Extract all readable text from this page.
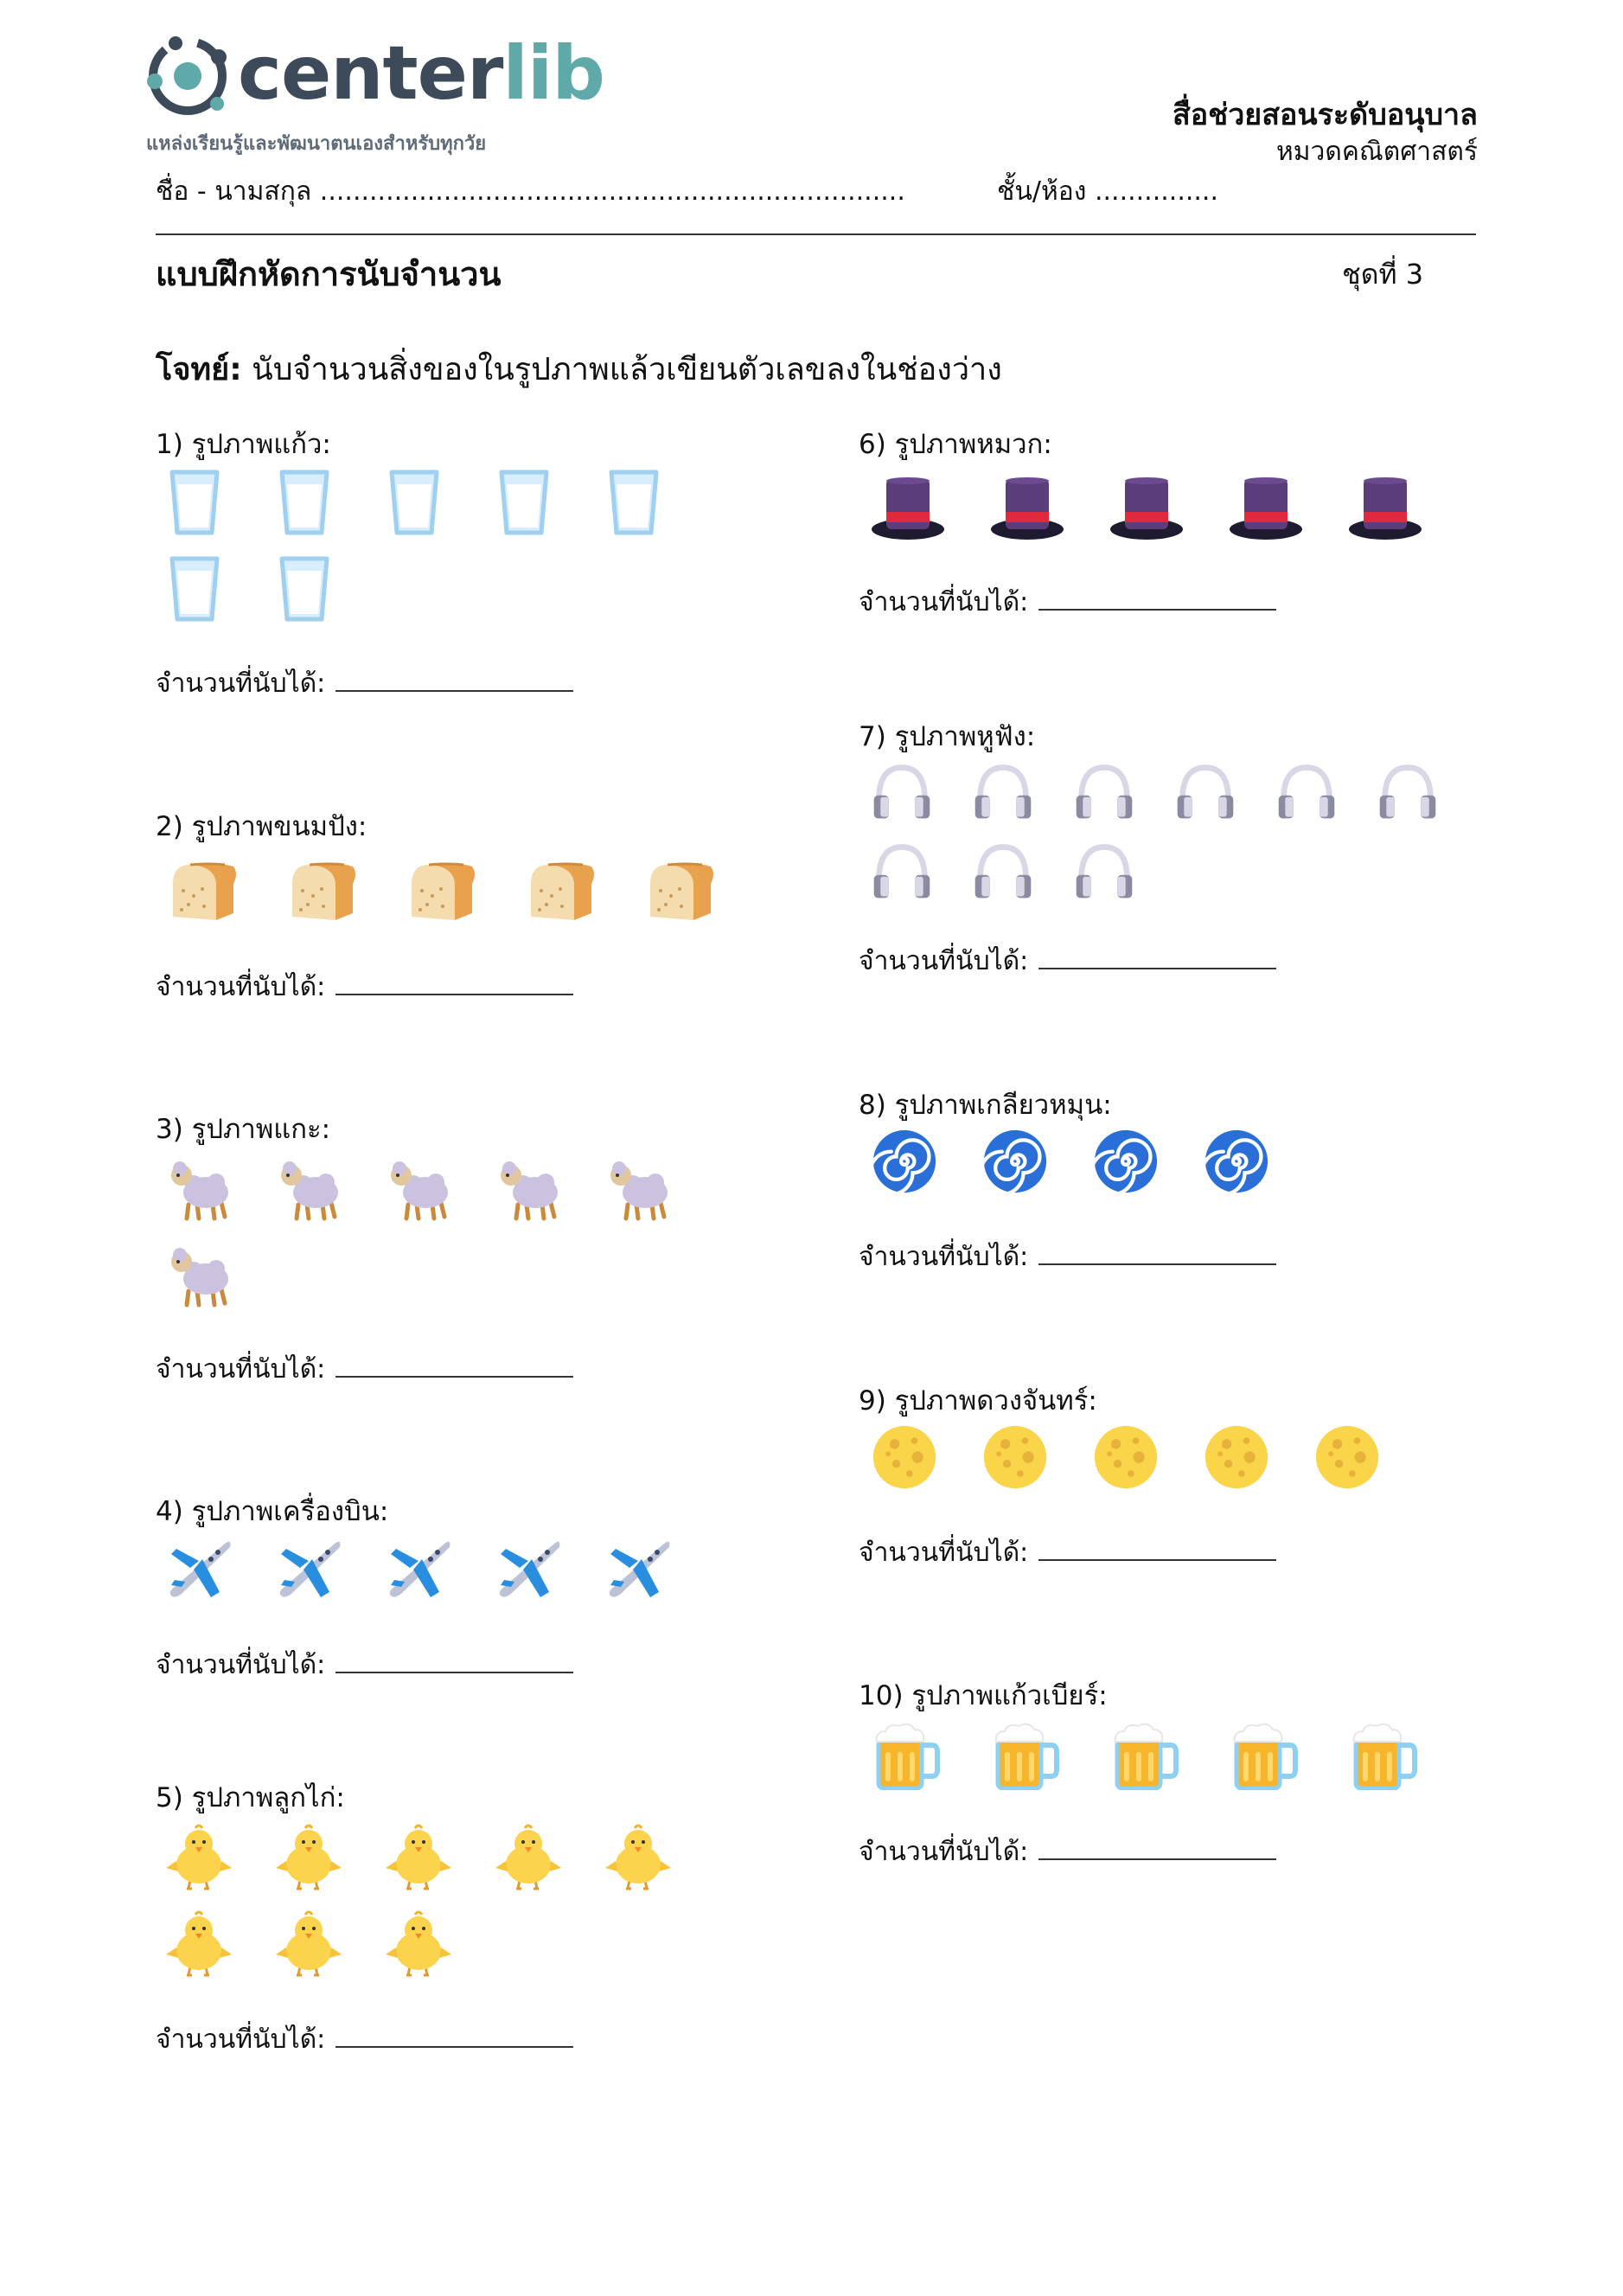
centerlib
แหล่งเรียนรู้และพัฒนาตนเองสำหรับทุกวัย
สื่อช่วยสอนระดับอนุบาล
หมวดคณิตศาสตร์
ชื่อ - นามสกุล .......................................................................	ชั้น/ห้อง ...............
แบบฝึกหัดการนับจำนวน	ชุดที่ 3
โจทย์: นับจำนวนสิ่งของในรูปภาพแล้วเขียนตัวเลขลงในช่องว่าง
1) รูปภาพแก้ว:
จำนวนที่นับได้:
2) รูปภาพขนมปัง:
จำนวนที่นับได้:
3) รูปภาพแกะ:
จำนวนที่นับได้:
4) รูปภาพเครื่องบิน:
จำนวนที่นับได้:
5) รูปภาพลูกไก่:
จำนวนที่นับได้:
6) รูปภาพหมวก:
จำนวนที่นับได้:
7) รูปภาพหูฟัง:
จำนวนที่นับได้:
8) รูปภาพเกลียวหมุน:
จำนวนที่นับได้:
9) รูปภาพดวงจันทร์:
จำนวนที่นับได้:
10) รูปภาพแก้วเบียร์:
จำนวนที่นับได้:
